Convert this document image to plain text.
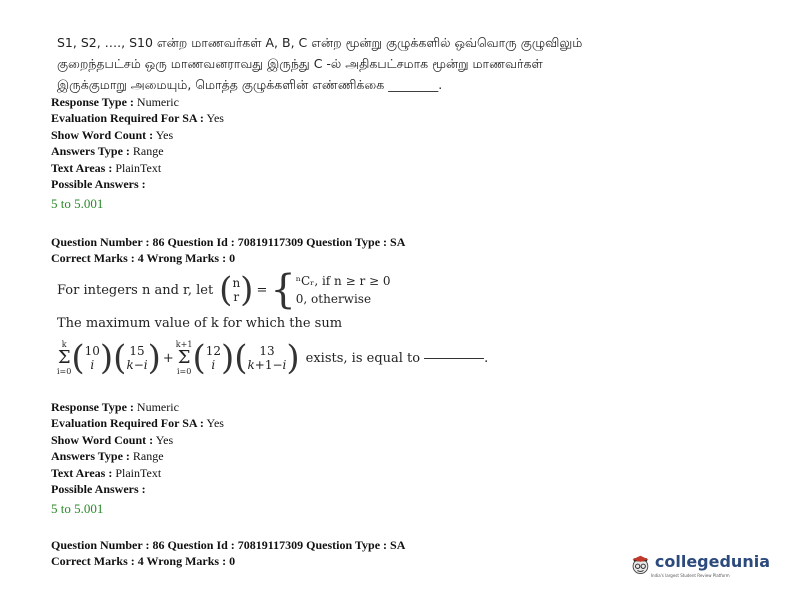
S1, S2, …., S10 என்ற மாணவர்கள் A, B, C என்ற மூன்று குழுக்களில் ஒவ்வொரு குழுவிலும்

குறைந்தபட்சம் ஒரு மாணவனராவது இருந்து C -ல் அதிகபட்சமாக மூன்று மாணவர்கள்

இருக்குமாறு அமையும், மொத்த குழுக்களின் எண்ணிக்கை ________.

Response Type : Numeric
Evaluation Required For SA : Yes
Show Word Count : Yes
Answers Type : Range
Text Areas : PlainText
Possible Answers :
5 to 5.001
Question Number : 86 Question Id : 70819117309 Question Type : SA
Correct Marks : 4 Wrong Marks : 0
For integers n and r, let ( n
r ) = { ⁿCᵣ, if n ≥ r ≥ 0
0, otherwise
The maximum value of k for which the sum
k
Σ
i=0 ( 10
i )( 15
k−i ) +
k+1
Σ
i=0 ( 12
i )( 13
k+1−i ) exists, is equal to	.
Response Type : Numeric
Evaluation Required For SA : Yes
Show Word Count : Yes
Answers Type : Range
Text Areas : PlainText
Possible Answers :
5 to 5.001
Question Number : 86 Question Id : 70819117309 Question Type : SA
Correct Marks : 4 Wrong Marks : 0	collegedunia
India's largest Student Review Platform
